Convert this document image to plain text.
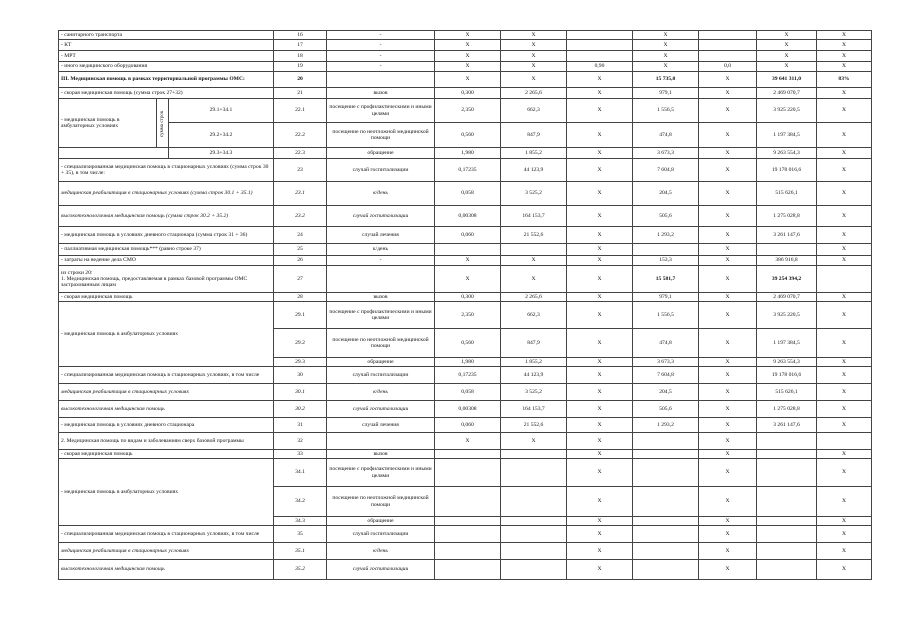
- санитарного транспорта			16	-	X	X		X		X	X
- КТ			17	-	X	X		X		X	X
- МРТ			18	-	X	X		X		X	X
- иного медицинского оборудования			19	-	X	X	0,90	X	0,0	X	X
III. Медицинская помощь в рамках территориальной программы ОМС:			20		X	X	X	15 735,0	X	39 641 311,0	83%
- скорая медицинская помощь (сумма строк 27+32)			21	вызов	0,300	2 265,6	X	979,1	X	2 469 070,7	X
- медицинская помощь в амбулаторных условиях	сумма строк	29.1+34.1	22.1	посещение с профилактическими и иными целями	2,350	662,3	X	1 556,5	X	3 925 220,5	X
		29.2+34.2	22.2	посещение по неотложной медицинской помощи	0,560	847,9	X	474,8	X	1 197 384,5	X
		29.3+34.3	22.3	обращение	1,980	1 855,2	X	3 673,3	X	9 263 554,3	X
- специализированная медицинская помощь в стационарных условиях (сумма строк 30 + 35), в том числе:			23	случай госпитализации	0,17235	44 123,9	X	7 604,8	X	19 178 016,6	X
медицинская реабилитация в стационарных условиях (сумма строк 30.1 + 35.1)			23.1	к/день	0,058	3 525,2	X	204,5	X	515 626,1	X
высокотехнологичная медицинская помощь (сумма строк 30.2 + 35.2)			23.2	случай госпитализации	0,00308	164 153,7	X	505,6	X	1 275 028,8	X
- медицинская помощь в условиях дневного стационара (сумма строк 31 + 36)			24	случай лечения	0,060	21 552,6	X	1 293,2	X	3 261 147,6	X
- паллиативная медицинская помощь*** (равно строке 37)			25	к/день			X		X		X
- затраты на ведение дела СМО			26	-	X	X	X	153,3	X	386 916,8	X
из строки 20:
1. Медицинская помощь, предоставляемая в рамках базовой программы ОМС застрахованным лицам			27		X	X	X	15 581,7	X	39 254 394,2	
- скорая медицинская помощь			28	вызов	0,300	2 265,6	X	979,1	X	2 469 070,7	X
- медицинская помощь в амбулаторных условиях			29.1	посещение с профилактическими и иными целями	2,350	662,3	X	1 556,5	X	3 925 220,5	X
			29.2	посещение по неотложной медицинской помощи	0,560	847,9	X	474,8	X	1 197 384,5	X
			29.3	обращение	1,980	1 855,2	X	3 673,3	X	9 263 554,3	X
- специализированная медицинская помощь в стационарных условиях, в том числе			30	случай госпитализации	0,17235	44 123,9	X	7 604,8	X	19 178 016,6	X
медицинская реабилитация в стационарных условиях			30.1	к/день	0,058	3 525,2	X	204,5	X	515 626,1	X
высокотехнологичная медицинская помощь			30.2	случай госпитализации	0,00308	164 153,7	X	505,6	X	1 275 028,8	X
- медицинская помощь в условиях дневного стационара			31	случай лечения	0,060	21 552,6	X	1 293,2	X	3 261 147,6	X
2. Медицинская помощь по видам и заболеваниям сверх базовой программы			32		X	X	X		X		
- скорая медицинская помощь			33	вызов			X		X		X
- медицинская помощь в амбулаторных условиях			34.1	посещение с профилактическими и иными целями			X		X		X
			34.2	посещение по неотложной медицинской помощи			X		X		X
			34.3	обращение			X		X		X
- специализированная медицинская помощь в стационарных условиях, в том числе			35	случай госпитализации			X		X		X
медицинская реабилитация в стационарных условиях			35.1	к/день			X		X		X
высокотехнологичная медицинская помощь			35.2	случай госпитализации			X		X		X
